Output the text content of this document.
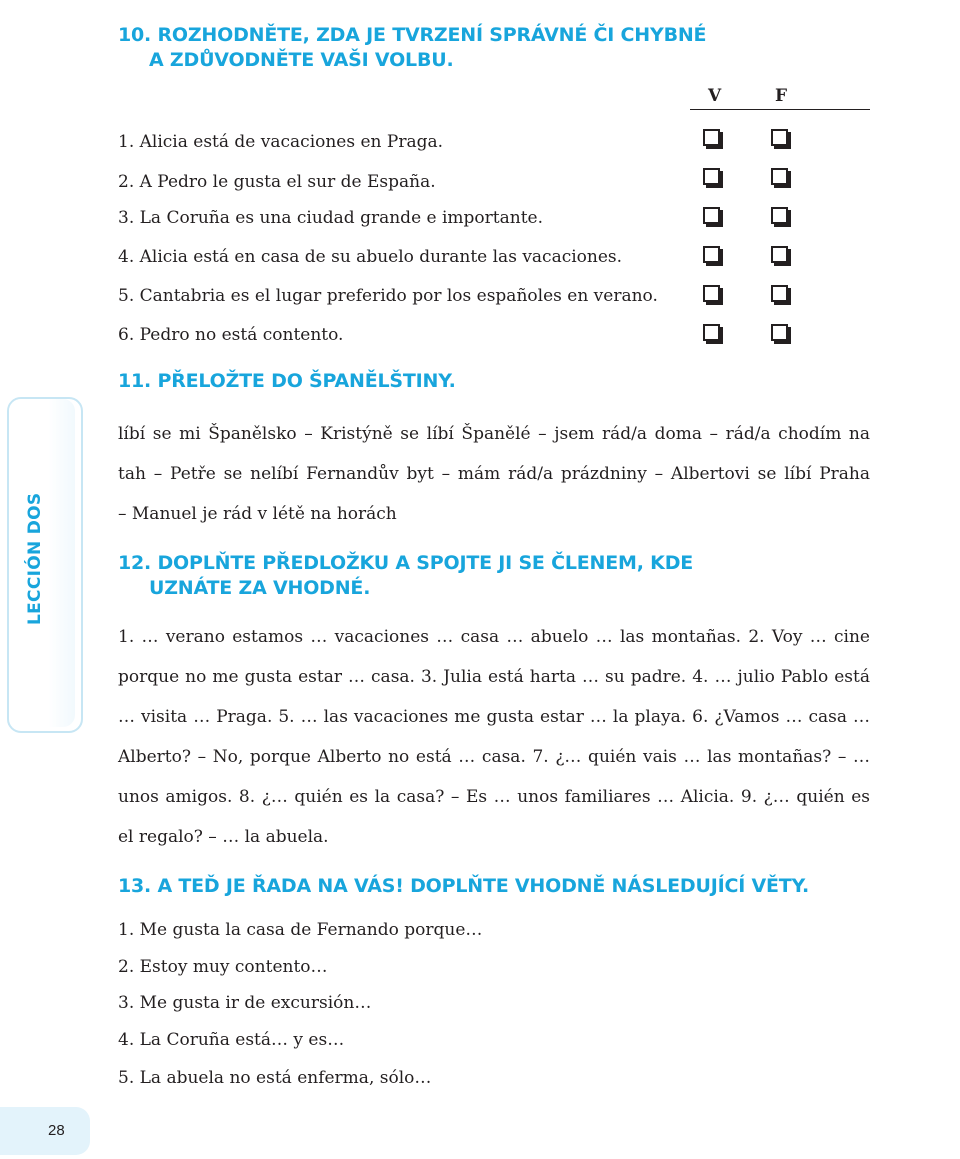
LECCIÓN DOS
10. ROZHODNĚTE, ZDA JE TVRZENÍ SPRÁVNÉ ČI CHYBNÉ
A ZDŮVODNĚTE VAŠI VOLBU.
V	F
1. Alicia está de vacaciones en Praga.
2. A Pedro le gusta el sur de España.
3. La Coruña es una ciudad grande e importante.
4. Alicia está en casa de su abuelo durante las vacaciones.
5. Cantabria es el lugar preferido por los españoles en verano.
6. Pedro no está contento.
11. PŘELOŽTE DO ŠPANĚLŠTINY.
líbí se mi Španělsko – Kristýně se líbí Španělé – jsem rád/a doma – rád/a chodím na
tah – Petře se nelíbí Fernandův byt – mám rád/a prázdniny – Albertovi se líbí Praha
– Manuel je rád v létě na horách
12. DOPLŇTE PŘEDLOŽKU A SPOJTE JI SE ČLENEM, KDE
UZNÁTE ZA VHODNÉ.
1. … verano estamos … vacaciones … casa … abuelo … las montañas. 2. Voy … cine
porque no me gusta estar … casa. 3. Julia está harta … su padre. 4. … julio Pablo está
… visita … Praga. 5. … las vacaciones me gusta estar … la playa. 6. ¿Vamos … casa …
Alberto? – No, porque Alberto no está … casa. 7. ¿… quién vais … las montañas? – …
unos amigos. 8. ¿… quién es la casa? – Es … unos familiares … Alicia. 9. ¿… quién es
el regalo? – … la abuela.
13. A TEĎ JE ŘADA NA VÁS! DOPLŇTE VHODNĚ NÁSLEDUJÍCÍ VĚTY.
1. Me gusta la casa de Fernando porque…
2. Estoy muy contento…
3. Me gusta ir de excursión…
4. La Coruña está… y es…
5. La abuela no está enferma, sólo…
28
